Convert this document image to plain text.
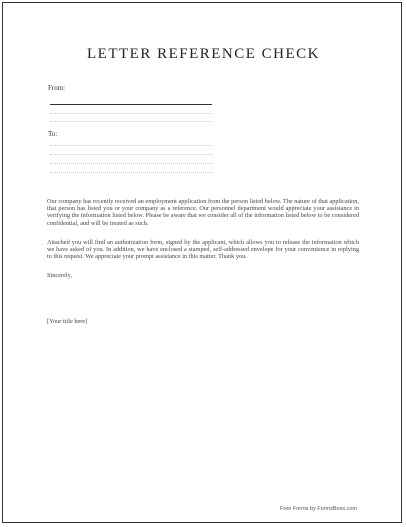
LETTER REFERENCE CHECK
From:
To:

Our company has recently received an employment application from the person listed below. The nature of that application, that person has listed you or your company as a reference. Our personnel department would appreciate your assistance in verifying the information listed below. Please be aware that we consider all of the information listed below to be considered confidential, and will be treated as such.

Attached you will find an authorization form, signed by the applicant, which allows you to release the information which we have asked of you. In addition, we have enclosed a stamped, self-addressed envelope for your convenience in replying to this request. We appreciate your prompt assistance in this matter. Thank you.

Sincerely,

[Your title here]

Free Forms by FormsBoss.com
